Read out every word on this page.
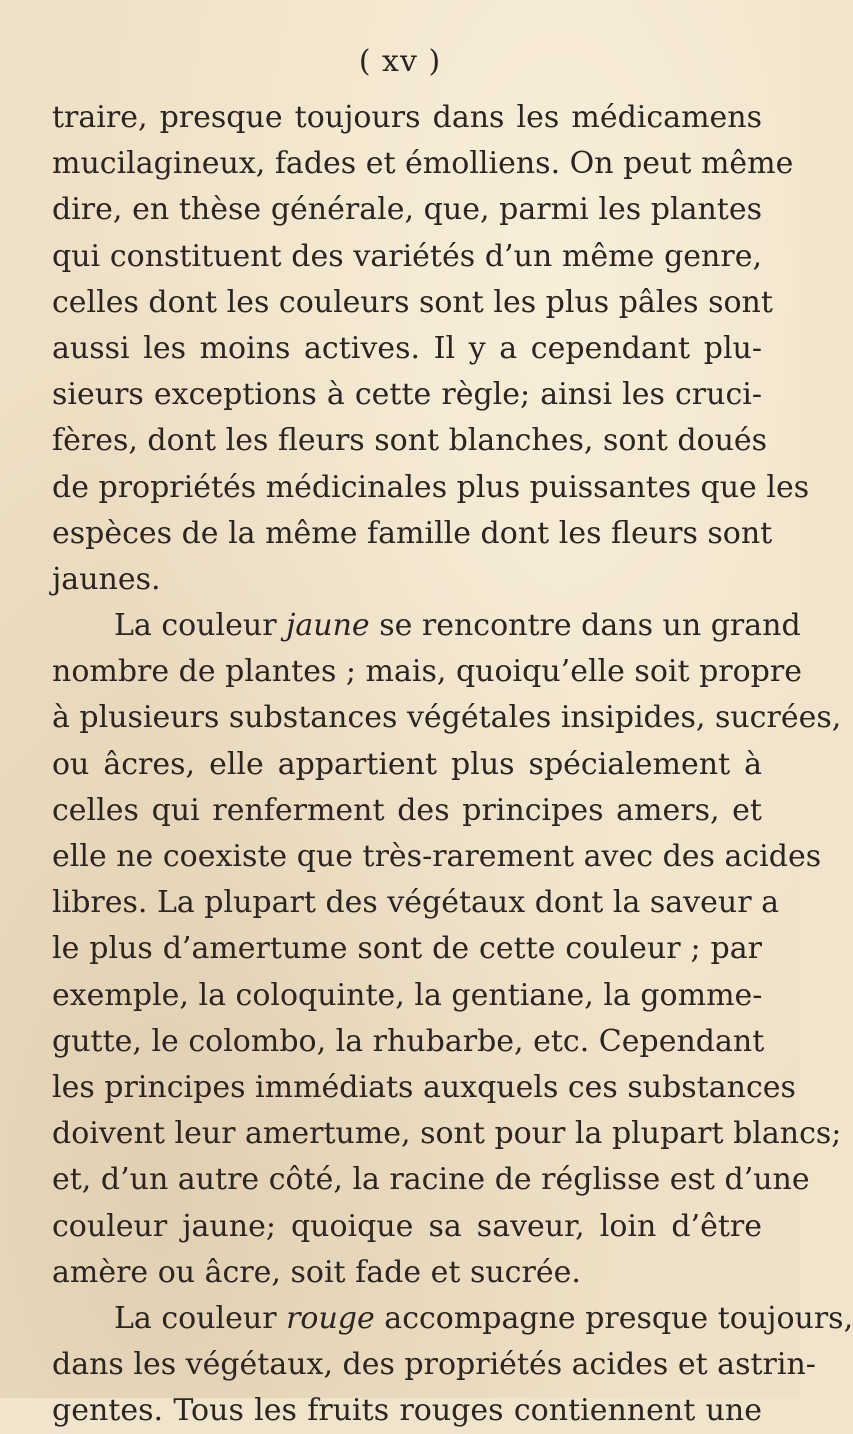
( xv )
traire, presque toujours dans les médicamens
mucilagineux, fades et émolliens. On peut même
dire, en thèse générale, que, parmi les plantes
qui constituent des variétés d’un même genre,
celles dont les couleurs sont les plus pâles sont
aussi les moins actives. Il y a cependant plu-
sieurs exceptions à cette règle; ainsi les cruci-
fères, dont les fleurs sont blanches, sont doués
de propriétés médicinales plus puissantes que les
espèces de la même famille dont les fleurs sont
jaunes.
La couleur jaune se rencontre dans un grand
nombre de plantes ; mais, quoiqu’elle soit propre
à plusieurs substances végétales insipides, sucrées,
ou âcres, elle appartient plus spécialement à
celles qui renferment des principes amers, et
elle ne coexiste que très-rarement avec des acides
libres. La plupart des végétaux dont la saveur a
le plus d’amertume sont de cette couleur ; par
exemple, la coloquinte, la gentiane, la gomme-
gutte, le colombo, la rhubarbe, etc. Cependant
les principes immédiats auxquels ces substances
doivent leur amertume, sont pour la plupart blancs;
et, d’un autre côté, la racine de réglisse est d’une
couleur jaune; quoique sa saveur, loin d’être
amère ou âcre, soit fade et sucrée.
La couleur rouge accompagne presque toujours,
dans les végétaux, des propriétés acides et astrin-
gentes. Tous les fruits rouges contiennent une
